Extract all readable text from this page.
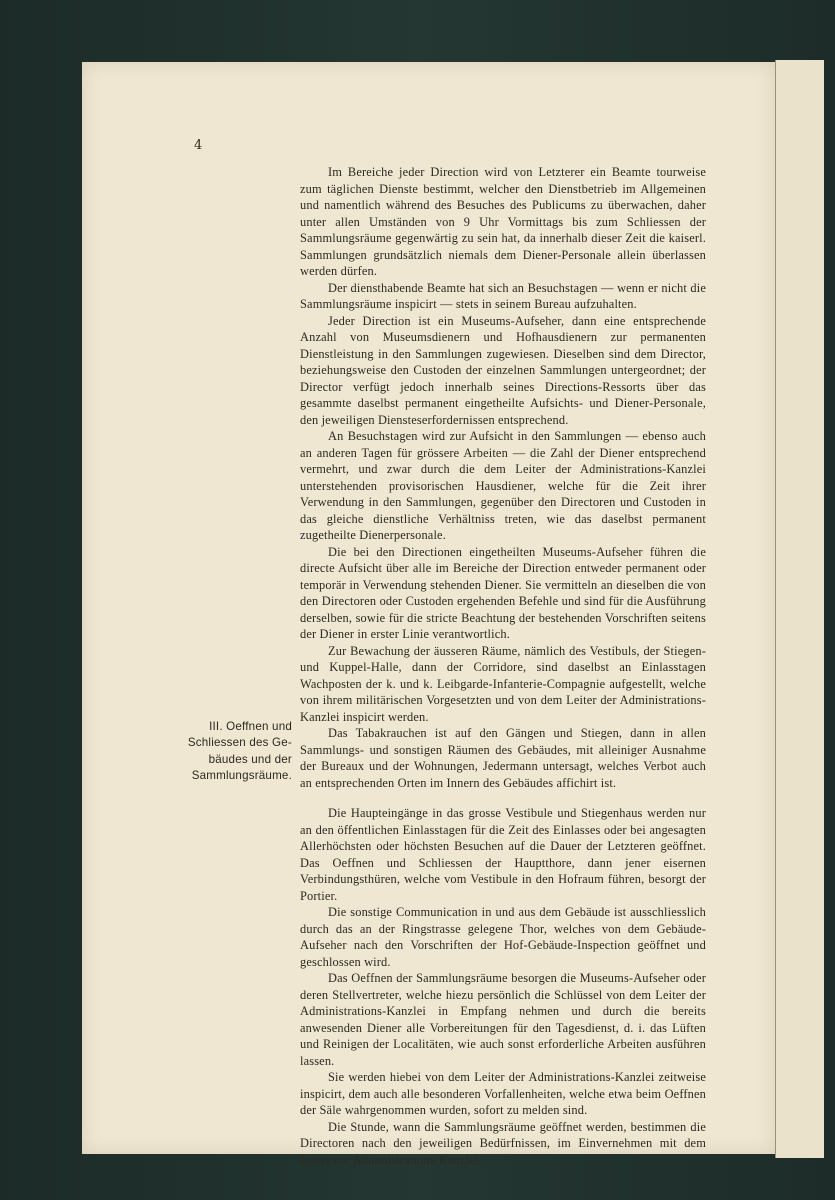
4

Im Bereiche jeder Direction wird von Letzterer ein Beamte tourweise zum täglichen Dienste bestimmt, welcher den Dienstbetrieb im Allgemeinen und namentlich während des Besuches des Publicums zu überwachen, daher unter allen Umständen von 9 Uhr Vormittags bis zum Schliessen der Sammlungsräume gegenwärtig zu sein hat, da innerhalb dieser Zeit die kaiserl. Sammlungen grundsätzlich niemals dem Diener-Personale allein überlassen werden dürfen.

Der diensthabende Beamte hat sich an Besuchstagen — wenn er nicht die Sammlungsräume inspicirt — stets in seinem Bureau aufzuhalten.

Jeder Direction ist ein Museums-Aufseher, dann eine entsprechende Anzahl von Museumsdienern und Hofhausdienern zur permanenten Dienstleistung in den Sammlungen zugewiesen. Dieselben sind dem Director, beziehungsweise den Custoden der einzelnen Sammlungen untergeordnet; der Director verfügt jedoch innerhalb seines Directions-Ressorts über das gesammte daselbst permanent eingetheilte Aufsichts- und Diener-Personale, den jeweiligen Diensteserfordernissen entsprechend.

An Besuchstagen wird zur Aufsicht in den Sammlungen — ebenso auch an anderen Tagen für grössere Arbeiten — die Zahl der Diener entsprechend vermehrt, und zwar durch die dem Leiter der Administrations-Kanzlei unterstehenden provisorischen Hausdiener, welche für die Zeit ihrer Verwendung in den Sammlungen, gegenüber den Directoren und Custoden in das gleiche dienstliche Verhältniss treten, wie das daselbst permanent zugetheilte Dienerpersonale.

Die bei den Directionen eingetheilten Museums-Aufseher führen die directe Aufsicht über alle im Bereiche der Direction entweder permanent oder temporär in Verwendung stehenden Diener. Sie vermitteln an dieselben die von den Directoren oder Custoden ergehenden Befehle und sind für die Ausführung derselben, sowie für die stricte Beachtung der bestehenden Vorschriften seitens der Diener in erster Linie verantwortlich.

Zur Bewachung der äusseren Räume, nämlich des Vestibuls, der Stiegen- und Kuppel-Halle, dann der Corridore, sind daselbst an Einlasstagen Wachposten der k. und k. Leibgarde-Infanterie-Compagnie aufgestellt, welche von ihrem militärischen Vorgesetzten und von dem Leiter der Administrations-Kanzlei inspicirt werden.

Das Tabakrauchen ist auf den Gängen und Stiegen, dann in allen Sammlungs- und sonstigen Räumen des Gebäudes, mit alleiniger Ausnahme der Bureaux und der Wohnungen, Jedermann untersagt, welches Verbot auch an entsprechenden Orten im Innern des Gebäudes affichirt ist.

Die Haupteingänge in das grosse Vestibule und Stiegenhaus werden nur an den öffentlichen Einlasstagen für die Zeit des Einlasses oder bei angesagten Allerhöchsten oder höchsten Besuchen auf die Dauer der Letzteren geöffnet. Das Oeffnen und Schliessen der Hauptthore, dann jener eisernen Verbindungsthüren, welche vom Vestibule in den Hofraum führen, besorgt der Portier.

Die sonstige Communication in und aus dem Gebäude ist ausschliesslich durch das an der Ringstrasse gelegene Thor, welches von dem Gebäude-Aufseher nach den Vorschriften der Hof-Gebäude-Inspection geöffnet und geschlossen wird.

Das Oeffnen der Sammlungsräume besorgen die Museums-Aufseher oder deren Stellvertreter, welche hiezu persönlich die Schlüssel von dem Leiter der Administrations-Kanzlei in Empfang nehmen und durch die bereits anwesenden Diener alle Vorbereitungen für den Tagesdienst, d. i. das Lüften und Reinigen der Localitäten, wie auch sonst erforderliche Arbeiten ausführen lassen.

Sie werden hiebei von dem Leiter der Administrations-Kanzlei zeitweise inspicirt, dem auch alle besonderen Vorfallenheiten, welche etwa beim Oeffnen der Säle wahrgenommen wurden, sofort zu melden sind.

Die Stunde, wann die Sammlungsräume geöffnet werden, bestimmen die Directoren nach den jeweiligen Bedürfnissen, im Einvernehmen mit dem Leiter der Administrations-Kanzlei.

III. Oeffnen und
Schliessen des Ge-
bäudes und der
Sammlungsräume.
